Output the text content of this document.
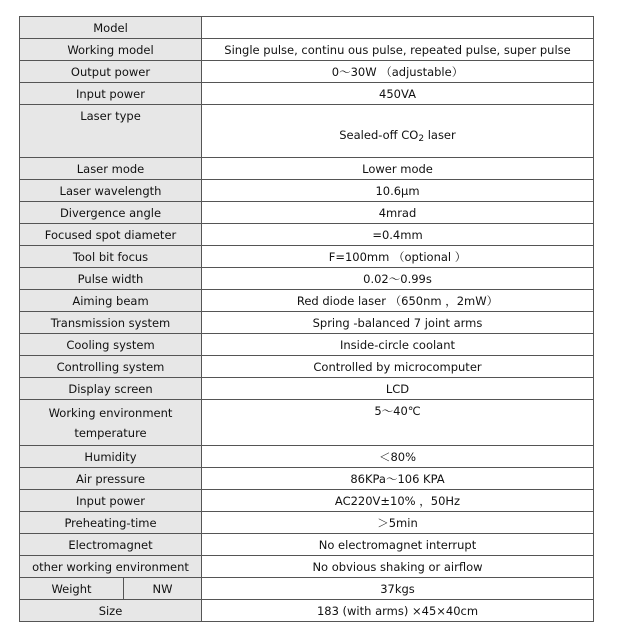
Model		
Working model		Single pulse, continu ous pulse, repeated pulse, super pulse
Output power		0～30W （adjustable）
Input power		450VA
Laser type		Sealed-off CO2 laser
Laser mode		Lower mode
Laser wavelength		10.6μm
Divergence angle		4mrad
Focused spot diameter		=0.4mm
Tool bit focus		F=100mm （optional ）
Pulse width		0.02～0.99s
Aiming beam		Red diode laser （650nm ，2mW）
Transmission system		Spring -balanced 7 joint arms
Cooling system		Inside-circle coolant
Controlling system		Controlled by microcomputer
Display screen		LCD
Working environment temperature		5～40℃
Humidity		＜80%
Air pressure		86KPa～106 KPA
Input power		AC220V±10% ，50Hz
Preheating-time		＞5min
Electromagnet		No electromagnet interrupt
other working environment		No obvious shaking or airflow
Weight	NW	37kgs
Size		183 (with arms) ×45×40cm
